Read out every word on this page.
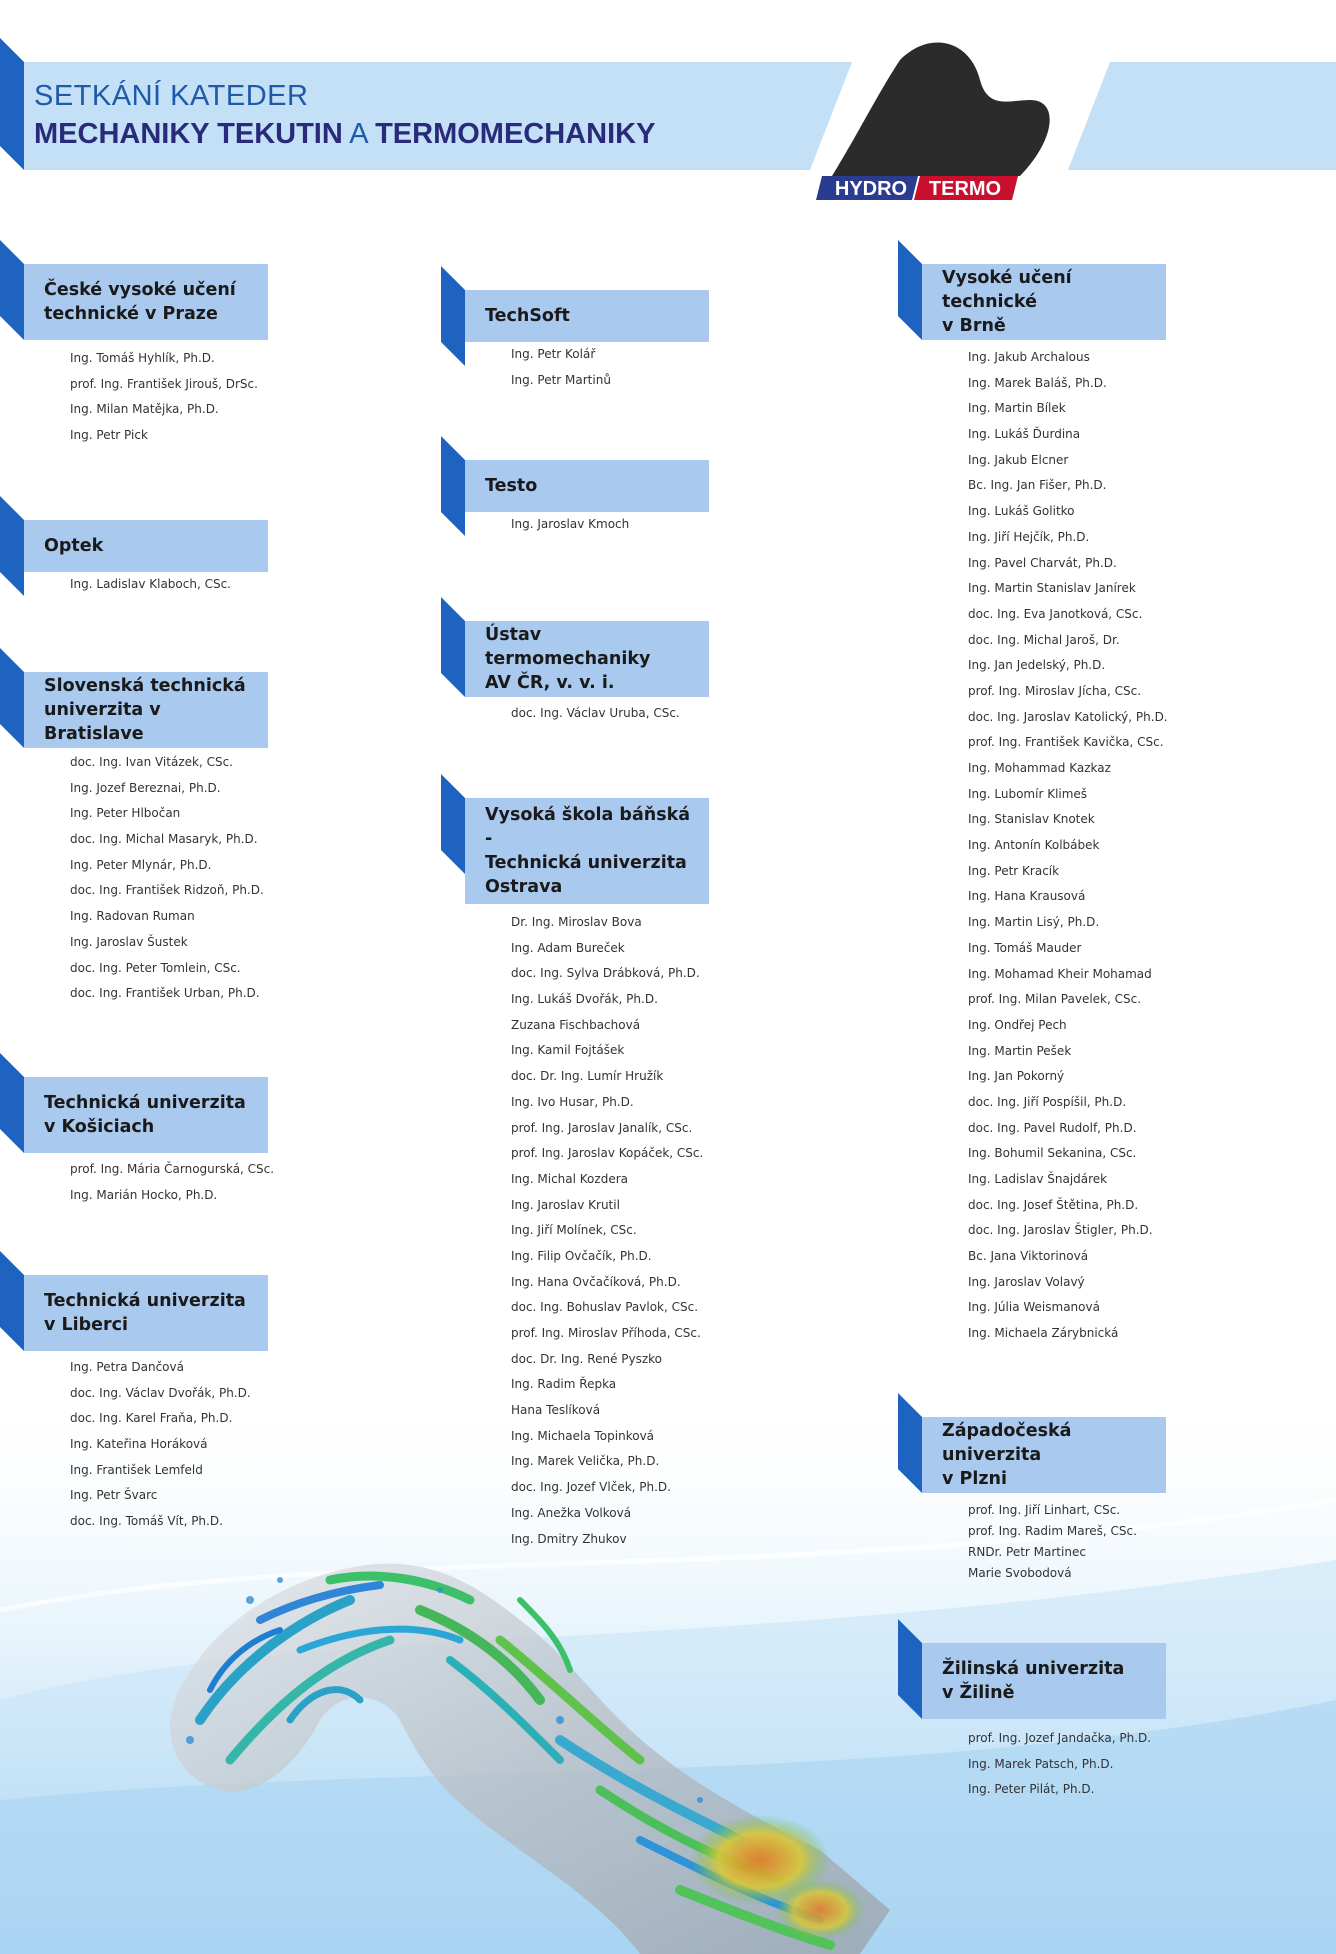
SETKÁNÍ KATEDER
MECHANIKY TEKUTIN A TERMOMECHANIKY
HYDRO	TERMO
České vysoké učení
technické v Praze
Ing. Tomáš Hyhlík, Ph.D.
prof. Ing. František Jirouš, DrSc.
Ing. Milan Matějka, Ph.D.
Ing. Petr Pick
Optek
Ing. Ladislav Klaboch, CSc.
Slovenská technická
univerzita v Bratislave
doc. Ing. Ivan Vitázek, CSc.
Ing. Jozef Bereznai, Ph.D.
Ing. Peter Hlbočan
doc. Ing. Michal Masaryk, Ph.D.
Ing. Peter Mlynár, Ph.D.
doc. Ing. František Ridzoň, Ph.D.
Ing. Radovan Ruman
Ing. Jaroslav Šustek
doc. Ing. Peter Tomlein, CSc.
doc. Ing. František Urban, Ph.D.
Technická univerzita
v Košiciach
prof. Ing. Mária Čarnogurská, CSc.
Ing. Marián Hocko, Ph.D.
Technická univerzita
v Liberci
Ing. Petra Dančová
doc. Ing. Václav Dvořák, Ph.D.
doc. Ing. Karel Fraňa, Ph.D.
Ing. Kateřina Horáková
Ing. František Lemfeld
Ing. Petr Švarc
doc. Ing. Tomáš Vít, Ph.D.
TechSoft
Ing. Petr Kolář
Ing. Petr Martinů
Testo
Ing. Jaroslav Kmoch
Ústav termomechaniky
AV ČR, v. v. i.
doc. Ing. Václav Uruba, CSc.
Vysoká škola báňská -
Technická univerzita
Ostrava
Dr. Ing. Miroslav Bova
Ing. Adam Bureček
doc. Ing. Sylva Drábková, Ph.D.
Ing. Lukáš Dvořák, Ph.D.
Zuzana Fischbachová
Ing. Kamil Fojtášek
doc. Dr. Ing. Lumír Hružík
Ing. Ivo Husar, Ph.D.
prof. Ing. Jaroslav Janalík, CSc.
prof. Ing. Jaroslav Kopáček, CSc.
Ing. Michal Kozdera
Ing. Jaroslav Krutil
Ing. Jiří Molínek, CSc.
Ing. Filip Ovčačík, Ph.D.
Ing. Hana Ovčačíková, Ph.D.
doc. Ing. Bohuslav Pavlok, CSc.
prof. Ing. Miroslav Příhoda, CSc.
doc. Dr. Ing. René Pyszko
Ing. Radim Řepka
Hana Teslíková
Ing. Michaela Topinková
Ing. Marek Velička, Ph.D.
doc. Ing. Jozef Vlček, Ph.D.
Ing. Anežka Volková
Ing. Dmitry Zhukov
Vysoké učení technické
v Brně
Ing. Jakub Archalous
Ing. Marek Baláš, Ph.D.
Ing. Martin Bílek
Ing. Lukáš Ďurdina
Ing. Jakub Elcner
Bc. Ing. Jan Fišer, Ph.D.
Ing. Lukáš Golitko
Ing. Jiří Hejčík, Ph.D.
Ing. Pavel Charvát, Ph.D.
Ing. Martin Stanislav Janírek
doc. Ing. Eva Janotková, CSc.
doc. Ing. Michal Jaroš, Dr.
Ing. Jan Jedelský, Ph.D.
prof. Ing. Miroslav Jícha, CSc.
doc. Ing. Jaroslav Katolický, Ph.D.
prof. Ing. František Kavička, CSc.
Ing. Mohammad Kazkaz
Ing. Lubomír Klimeš
Ing. Stanislav Knotek
Ing. Antonín Kolbábek
Ing. Petr Kracík
Ing. Hana Krausová
Ing. Martin Lisý, Ph.D.
Ing. Tomáš Mauder
Ing. Mohamad Kheir Mohamad
prof. Ing. Milan Pavelek, CSc.
Ing. Ondřej Pech
Ing. Martin Pešek
Ing. Jan Pokorný
doc. Ing. Jiří Pospíšil, Ph.D.
doc. Ing. Pavel Rudolf, Ph.D.
Ing. Bohumil Sekanina, CSc.
Ing. Ladislav Šnajdárek
doc. Ing. Josef Štětina, Ph.D.
doc. Ing. Jaroslav Štigler, Ph.D.
Bc. Jana Viktorinová
Ing. Jaroslav Volavý
Ing. Júlia Weismanová
Ing. Michaela Zárybnická
Západočeská univerzita
v Plzni
prof. Ing. Jiří Linhart, CSc.
prof. Ing. Radim Mareš, CSc.
RNDr. Petr Martinec
Marie Svobodová
Žilinská univerzita
v Žilině
prof. Ing. Jozef Jandačka, Ph.D.
Ing. Marek Patsch, Ph.D.
Ing. Peter Pilát, Ph.D.
